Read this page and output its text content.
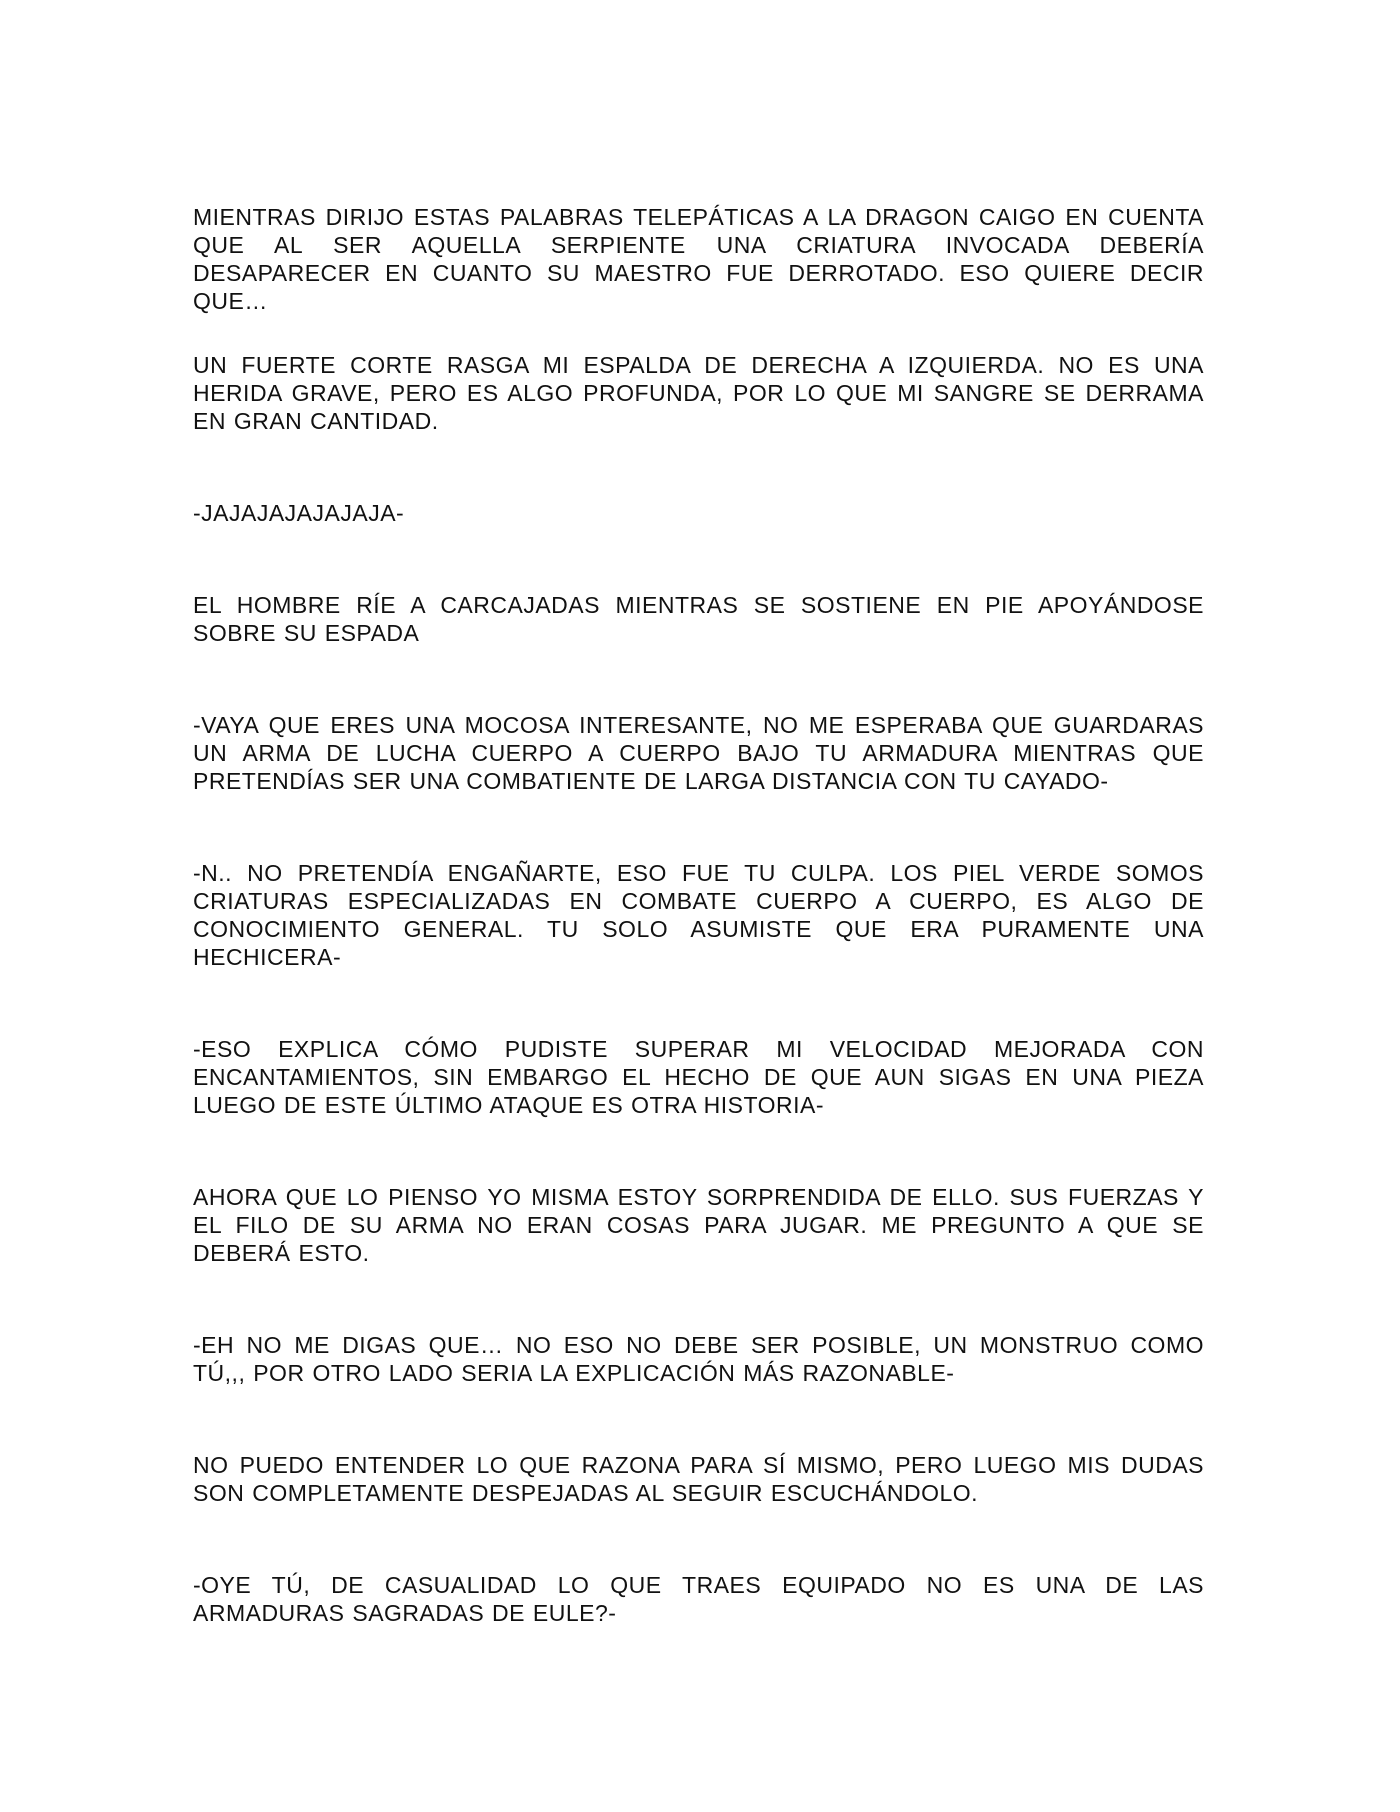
MIENTRAS DIRIJO ESTAS PALABRAS TELEPÁTICAS A LA DRAGON CAIGO EN CUENTA QUE AL SER AQUELLA SERPIENTE UNA CRIATURA INVOCADA DEBERÍA DESAPARECER EN CUANTO SU MAESTRO FUE DERROTADO. ESO QUIERE DECIR QUE…

UN FUERTE CORTE RASGA MI ESPALDA DE DERECHA A IZQUIERDA. NO ES UNA HERIDA GRAVE, PERO ES ALGO PROFUNDA, POR LO QUE MI SANGRE SE DERRAMA EN GRAN CANTIDAD.

-JAJAJAJAJAJAJA-

EL HOMBRE RÍE A CARCAJADAS MIENTRAS SE SOSTIENE EN PIE APOYÁNDOSE SOBRE SU ESPADA

-VAYA QUE ERES UNA MOCOSA INTERESANTE, NO ME ESPERABA QUE GUARDARAS UN ARMA DE LUCHA CUERPO A CUERPO BAJO TU ARMADURA MIENTRAS QUE PRETENDÍAS SER UNA COMBATIENTE DE LARGA DISTANCIA CON TU CAYADO-

-N.. NO PRETENDÍA ENGAÑARTE, ESO FUE TU CULPA. LOS PIEL VERDE SOMOS CRIATURAS ESPECIALIZADAS EN COMBATE CUERPO A CUERPO, ES ALGO DE CONOCIMIENTO GENERAL. TU SOLO ASUMISTE QUE ERA PURAMENTE UNA HECHICERA-

-ESO EXPLICA CÓMO PUDISTE SUPERAR MI VELOCIDAD MEJORADA CON ENCANTAMIENTOS, SIN EMBARGO EL HECHO DE QUE AUN SIGAS EN UNA PIEZA LUEGO DE ESTE ÚLTIMO ATAQUE ES OTRA HISTORIA-

AHORA QUE LO PIENSO YO MISMA ESTOY SORPRENDIDA DE ELLO. SUS FUERZAS Y EL FILO DE SU ARMA NO ERAN COSAS PARA JUGAR. ME PREGUNTO A QUE SE DEBERÁ ESTO.

-EH NO ME DIGAS QUE… NO ESO NO DEBE SER POSIBLE, UN MONSTRUO COMO TÚ,,, POR OTRO LADO SERIA LA EXPLICACIÓN MÁS RAZONABLE-

NO PUEDO ENTENDER LO QUE RAZONA PARA SÍ MISMO, PERO LUEGO MIS DUDAS SON COMPLETAMENTE DESPEJADAS AL SEGUIR ESCUCHÁNDOLO.

-OYE TÚ, DE CASUALIDAD LO QUE TRAES EQUIPADO NO ES UNA DE LAS ARMADURAS SAGRADAS DE EULE?-
